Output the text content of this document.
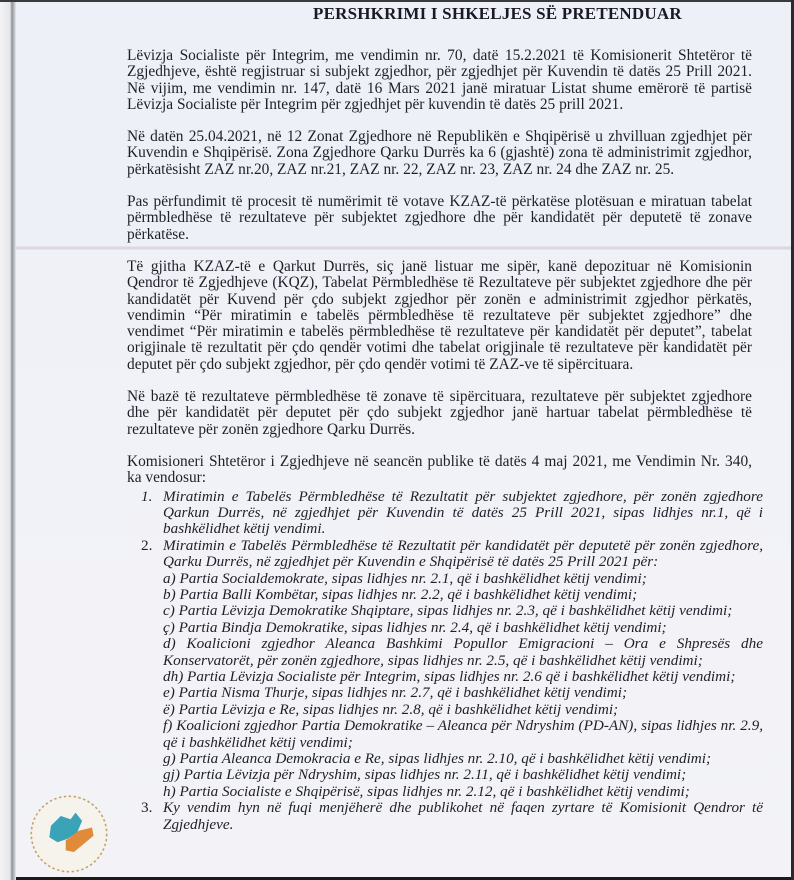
PERSHKRIMI I SHKELJES SË PRETENDUAR

Lëvizja Socialiste për Integrim, me vendimin nr. 70, datë 15.2.2021 të Komisionerit Shtetëror të Zgjedhjeve, është regjistruar si subjekt zgjedhor, për zgjedhjet për Kuvendin të datës 25 Prill 2021. Në vijim, me vendimin nr. 147, datë 16 Mars 2021 janë miratuar Listat shume emërorë të partisë Lëvizja Socialiste për Integrim për zgjedhjet për kuvendin të datës 25 prill 2021.

Në datën 25.04.2021, në 12 Zonat Zgjedhore në Republikën e Shqipërisë u zhvilluan zgjedhjet për Kuvendin e Shqipërisë. Zona Zgjedhore Qarku Durrës ka 6 (gjashtë) zona të administrimit zgjedhor, përkatësisht ZAZ nr.20, ZAZ nr.21, ZAZ nr. 22, ZAZ nr. 23, ZAZ nr. 24 dhe ZAZ nr. 25.

Pas përfundimit të procesit të numërimit të votave KZAZ-të përkatëse plotësuan e miratuan tabelat përmbledhëse të rezultateve për subjektet zgjedhore dhe për kandidatët për deputetë të zonave përkatëse.

Të gjitha KZAZ-të e Qarkut Durrës, siç janë listuar me sipër, kanë depozituar në Komisionin Qendror të Zgjedhjeve (KQZ), Tabelat Përmbledhëse të Rezultateve për subjektet zgjedhore dhe për kandidatët për Kuvend për çdo subjekt zgjedhor për zonën e administrimit zgjedhor përkatës, vendimin “Për miratimin e tabelës përmbledhëse të rezultateve për subjektet zgjedhore” dhe vendimet “Për miratimin e tabelës përmbledhëse të rezultateve për kandidatët për deputet”, tabelat origjinale të rezultatit për çdo qendër votimi dhe tabelat origjinale të rezultateve për kandidatët për deputet për çdo subjekt zgjedhor, për çdo qendër votimi të ZAZ-ve të sipërcituara.

Në bazë të rezultateve përmbledhëse të zonave të sipërcituara, rezultateve për subjektet zgjedhore dhe për kandidatët për deputet për çdo subjekt zgjedhor janë hartuar tabelat përmbledhëse të rezultateve për zonën zgjedhore Qarku Durrës.

Komisioneri Shtetëror i Zgjedhjeve në seancën publike të datës 4 maj 2021, me Vendimin Nr. 340, ka vendosur:

1. Miratimin e Tabelës Përmbledhëse të Rezultatit për subjektet zgjedhore, për zonën zgjedhore Qarkun Durrës, në zgjedhjet për Kuvendin të datës 25 Prill 2021, sipas lidhjes nr.1, që i bashkëlidhet këtij vendimi.
2. Miratimin e Tabelës Përmbledhëse të Rezultatit për kandidatët për deputetë për zonën zgjedhore, Qarku Durrës, në zgjedhjet për Kuvendin e Shqipërisë të datës 25 Prill 2021 për:
a) Partia Socialdemokrate, sipas lidhjes nr. 2.1, që i bashkëlidhet këtij vendimi;
b) Partia Balli Kombëtar, sipas lidhjes nr. 2.2, që i bashkëlidhet këtij vendimi;
c) Partia Lëvizja Demokratike Shqiptare, sipas lidhjes nr. 2.3, që i bashkëlidhet këtij vendimi;
ç) Partia Bindja Demokratike, sipas lidhjes nr. 2.4, që i bashkëlidhet këtij vendimi;
d) Koalicioni zgjedhor Aleanca Bashkimi Popullor Emigracioni – Ora e Shpresës dhe Konservatorët, për zonën zgjedhore, sipas lidhjes nr. 2.5, që i bashkëlidhet këtij vendimi;
dh) Partia Lëvizja Socialiste për Integrim, sipas lidhjes nr. 2.6 që i bashkëlidhet këtij vendimi;
e) Partia Nisma Thurje, sipas lidhjes nr. 2.7, që i bashkëlidhet këtij vendimi;
ë) Partia Lëvizja e Re, sipas lidhjes nr. 2.8, që i bashkëlidhet këtij vendimi;
f) Koalicioni zgjedhor Partia Demokratike – Aleanca për Ndryshim (PD-AN), sipas lidhjes nr. 2.9, që i bashkëlidhet këtij vendimi;
g) Partia Aleanca Demokracia e Re, sipas lidhjes nr. 2.10, që i bashkëlidhet këtij vendimi;
gj) Partia Lëvizja për Ndryshim, sipas lidhjes nr. 2.11, që i bashkëlidhet këtij vendimi;
h) Partia Socialiste e Shqipërisë, sipas lidhjes nr. 2.12, që i bashkëlidhet këtij vendimi;
3. Ky vendim hyn në fuqi menjëherë dhe publikohet në faqen zyrtare të Komisionit Qendror të Zgjedhjeve.
